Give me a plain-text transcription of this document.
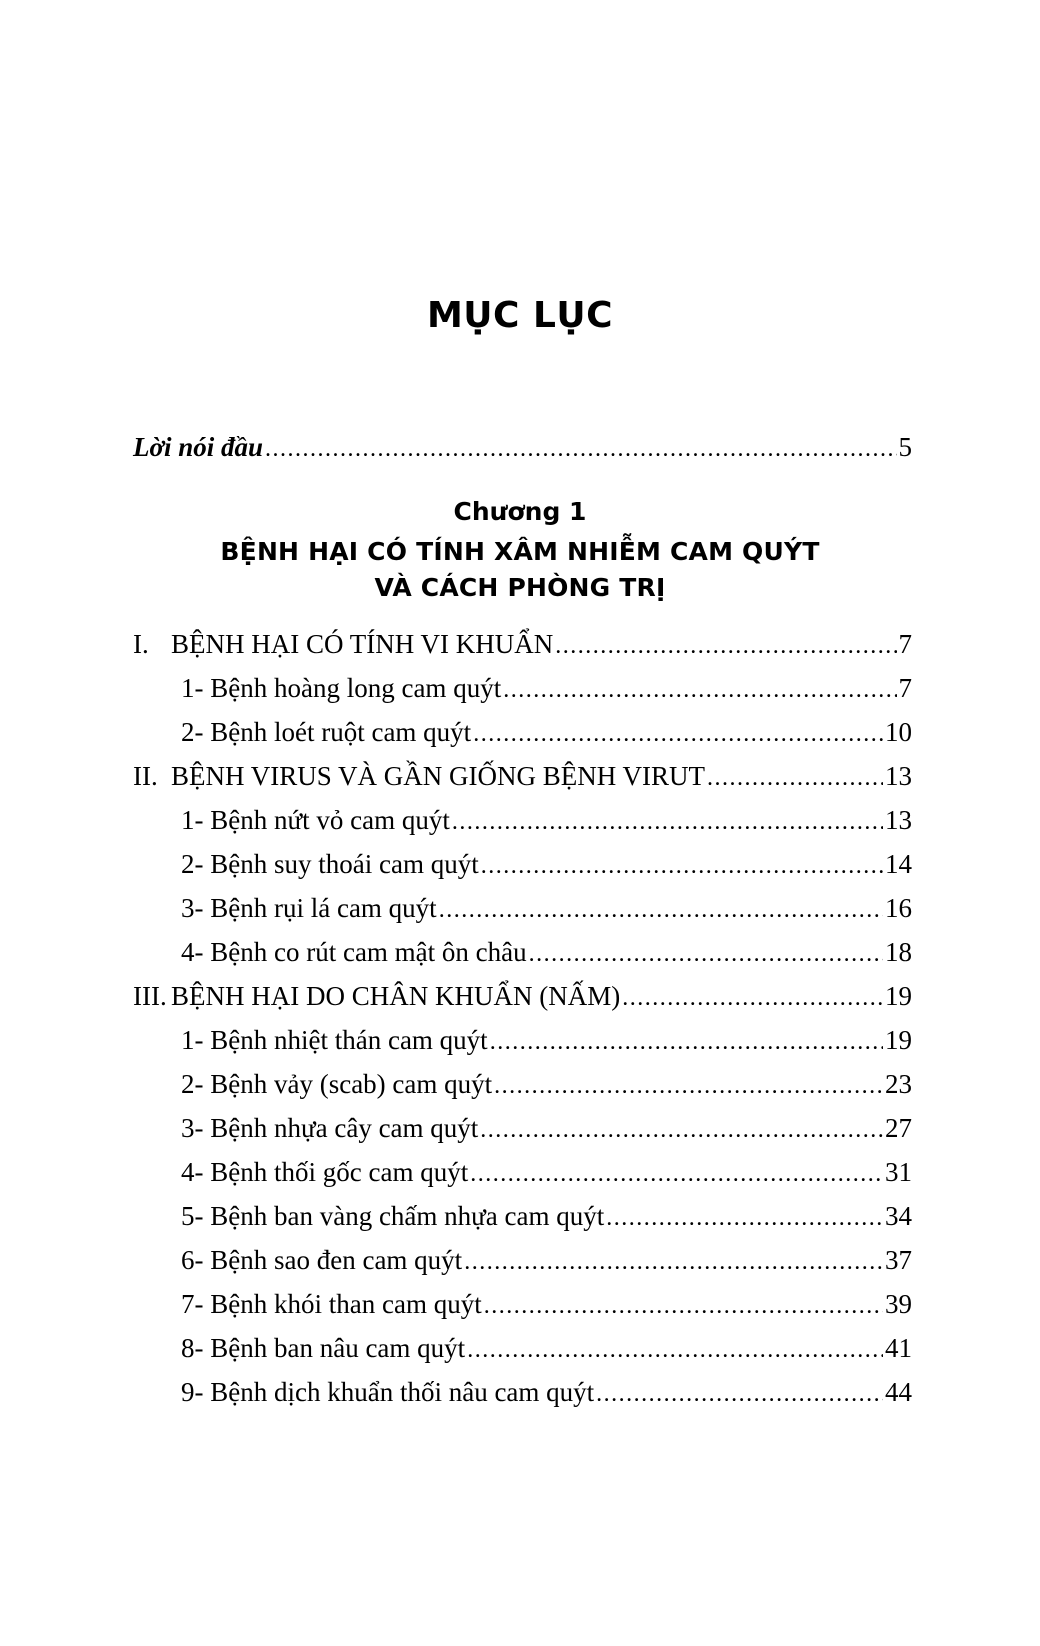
MỤC LỤC
Lời nói đầu .....	5
Chương 1
BỆNH HẠI CÓ TÍNH XÂM NHIỄM CAM QUÝT
VÀ CÁCH PHÒNG TRỊ
I. BỆNH HẠI CÓ TÍNH VI KHUẨN .....	7
1- Bệnh hoàng long cam quýt .....	7
2- Bệnh loét ruột cam quýt .....	10
II. BỆNH VIRUS VÀ GẦN GIỐNG BỆNH VIRUT .....	13
1- Bệnh nứt vỏ cam quýt .....	13
2- Bệnh suy thoái cam quýt .....	14
3- Bệnh rụi lá cam quýt .....	16
4- Bệnh co rút cam mật ôn châu .....	18
III. BỆNH HẠI DO CHÂN KHUẨN (NẤM) .....	19
1- Bệnh nhiệt thán cam quýt .....	19
2- Bệnh vảy (scab) cam quýt .....	23
3- Bệnh nhựa cây cam quýt .....	27
4- Bệnh thối gốc cam quýt .....	31
5- Bệnh ban vàng chấm nhựa cam quýt .....	34
6- Bệnh sao đen cam quýt .....	37
7- Bệnh khói than cam quýt .....	39
8- Bệnh ban nâu cam quýt .....	41
9- Bệnh dịch khuẩn thối nâu cam quýt .....	44
